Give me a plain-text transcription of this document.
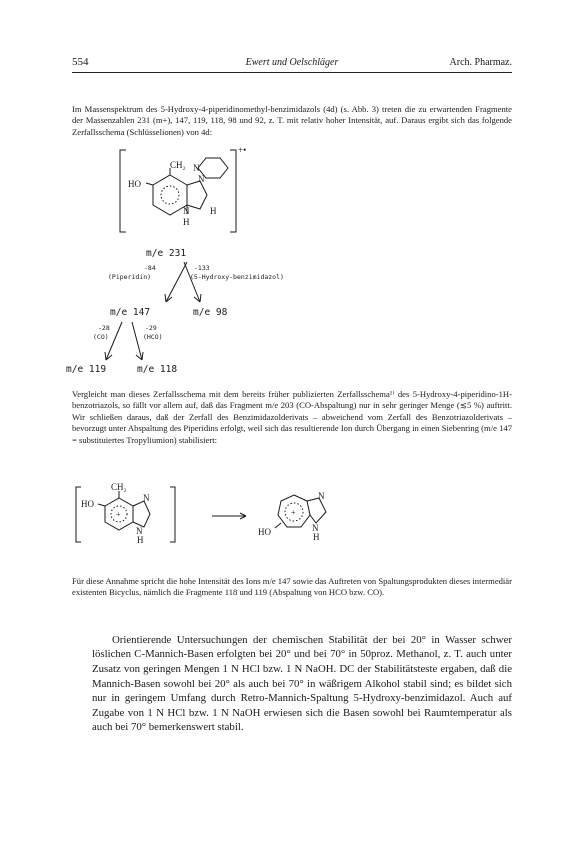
554	Ewert und Oelschläger	Arch. Pharmaz.

Im Massenspektrum des 5-Hydroxy-4-piperidinomethyl-benzimidazols (4d) (s. Abb. 3) treten die zu erwartenden Fragmente der Massenzahlen 231 (m+), 147, 119, 118, 98 und 92, z. T. mit relativ hoher Intensität, auf. Daraus ergibt sich das folgende Zerfallsschema (Schlüsselionen) von 4d:

+•
HO
CH₂ N
N
N H
H
m/e 231
-84
(Piperidin)
-133
(5-Hydroxy-benzimidazol)
m/e 147	m/e 98
-28
(CO)
-29
(HCO)
m/e 119	m/e 118
+	+
HO
CH₂
N
N
H
HO
N
N
H

Vergleicht man dieses Zerfallsschema mit dem bereits früher publizierten Zerfallsschema¹⁾ des 5-Hydroxy-4-piperidino-1H-benzotriazols, so fällt vor allem auf, daß das Fragment m/e 203 (CO-Abspaltung) nur in sehr geringer Menge (≲5 %) auftritt. Wir schließen daraus, daß der Zerfall des Benzimidazolderivats – abweichend vom Zerfall des Benzotriazolderivats – bevorzugt unter Abspaltung des Piperidins erfolgt, weil sich das resultierende Ion durch Übergang in einen Siebenring (m/e 147 = substituiertes Tropyliumion) stabilisiert:

Für diese Annahme spricht die hohe Intensität des Ions m/e 147 sowie das Auftreten von Spaltungsprodukten dieses intermediär existenten Bicyclus, nämlich die Fragmente 118 und 119 (Abspaltung von HCO bzw. CO).

Orientierende Untersuchungen der chemischen Stabilität der bei 20° in Wasser schwer löslichen C-Mannich-Basen erfolgten bei 20° und bei 70° in 50proz. Methanol, z. T. auch unter Zusatz von geringen Mengen 1 N HCl bzw. 1 N NaOH. DC der Stabilitätsteste ergaben, daß die Mannich-Basen sowohl bei 20° als auch bei 70° in wäßrigem Alkohol stabil sind; es bildet sich nur in geringem Umfang durch Retro-Mannich-Spaltung 5-Hydroxy-benzimidazol. Auch auf Zugabe von 1 N HCl bzw. 1 N NaOH erwiesen sich die Basen sowohl bei Raumtemperatur als auch bei 70° bemerkenswert stabil.
